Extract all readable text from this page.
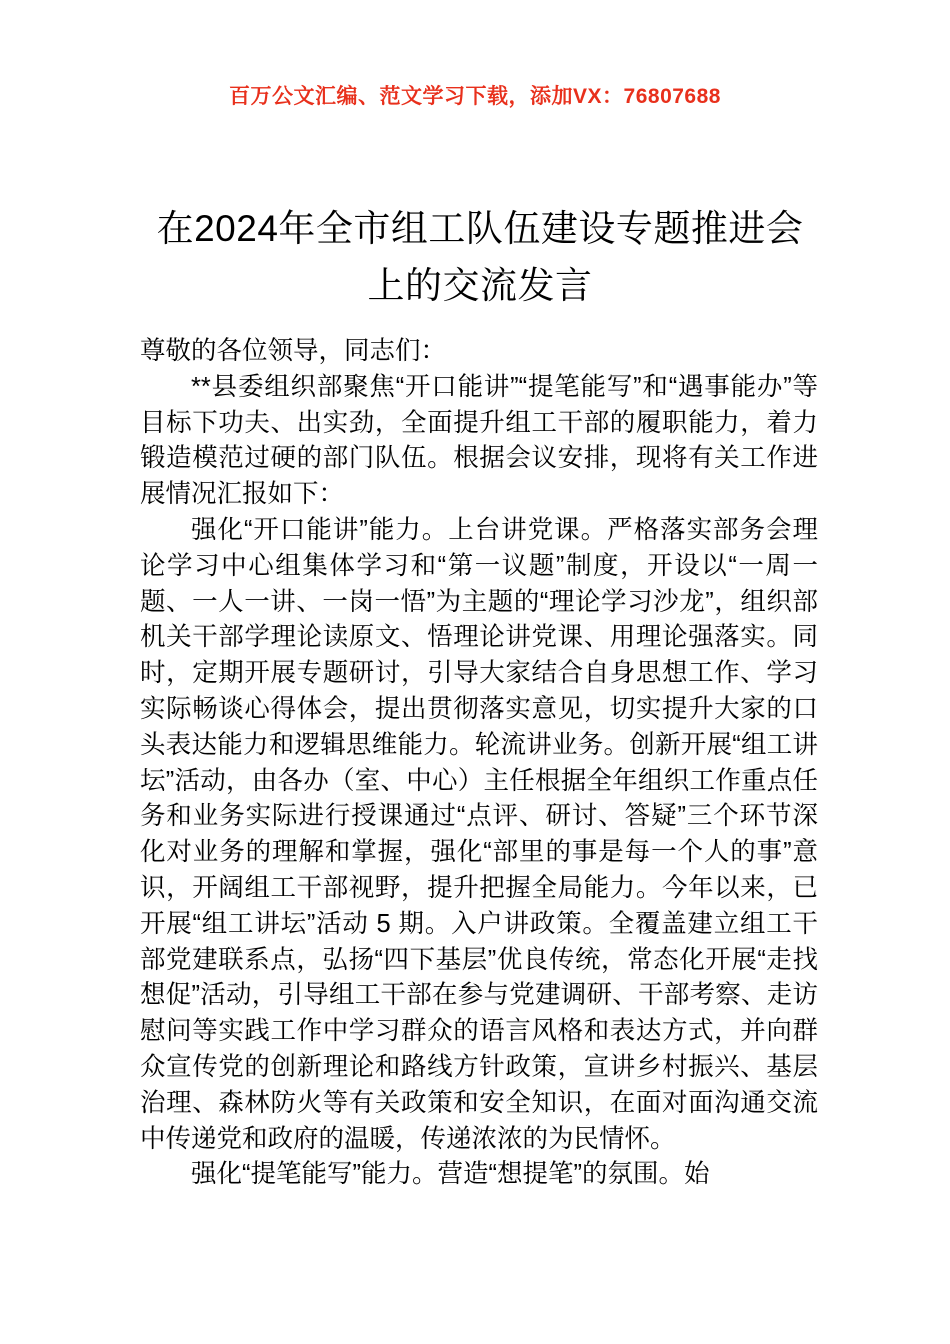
百万公文汇编、范文学习下载，添加VX：76807688
在2024年全市组工队伍建设专题推进会上的交流发言

尊敬的各位领导，同志们：

**县委组织部聚焦“开口能讲”“提笔能写”和“遇事能办”等目标下功夫、出实劲，全面提升组工干部的履职能力，着力锻造模范过硬的部门队伍。根据会议安排，现将有关工作进展情况汇报如下：

强化“开口能讲”能力。上台讲党课。严格落实部务会理论学习中心组集体学习和“第一议题”制度，开设以“一周一题、一人一讲、一岗一悟”为主题的“理论学习沙龙”，组织部机关干部学理论读原文、悟理论讲党课、用理论强落实。同时，定期开展专题研讨，引导大家结合自身思想工作、学习实际畅谈心得体会，提出贯彻落实意见，切实提升大家的口头表达能力和逻辑思维能力。轮流讲业务。创新开展“组工讲坛”活动，由各办（室、中心）主任根据全年组织工作重点任务和业务实际进行授课通过“点评、研讨、答疑”三个环节深化对业务的理解和掌握，强化“部里的事是每一个人的事”意识，开阔组工干部视野，提升把握全局能力。今年以来，已开展“组工讲坛”活动 5 期。入户讲政策。全覆盖建立组工干部党建联系点，弘扬“四下基层”优良传统，常态化开展“走找想促”活动，引导组工干部在参与党建调研、干部考察、走访慰问等实践工作中学习群众的语言风格和表达方式，并向群众宣传党的创新理论和路线方针政策，宣讲乡村振兴、基层治理、森林防火等有关政策和安全知识，在面对面沟通交流中传递党和政府的温暖，传递浓浓的为民情怀。

强化“提笔能写”能力。营造“想提笔”的氛围。始
